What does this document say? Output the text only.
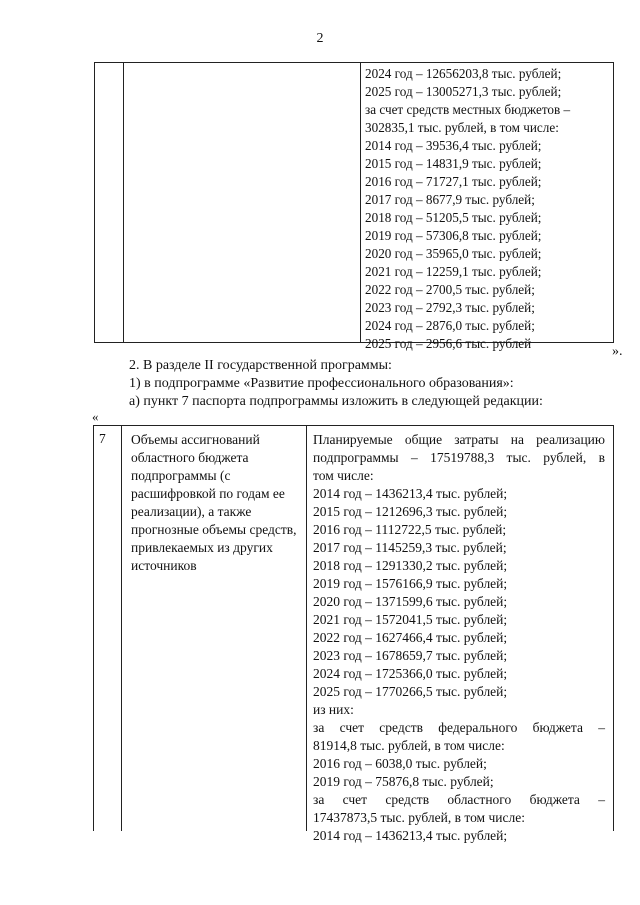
2
2024 год – 12656203,8 тыс. рублей;
2025 год – 13005271,3 тыс. рублей;
за счет средств местных бюджетов –
302835,1 тыс. рублей, в том числе:
2014 год – 39536,4 тыс. рублей;
2015 год – 14831,9 тыс. рублей;
2016 год – 71727,1 тыс. рублей;
2017 год – 8677,9 тыс. рублей;
2018 год – 51205,5 тыс. рублей;
2019 год – 57306,8 тыс. рублей;
2020 год – 35965,0 тыс. рублей;
2021 год – 12259,1 тыс. рублей;
2022 год – 2700,5 тыс. рублей;
2023 год – 2792,3 тыс. рублей;
2024 год – 2876,0 тыс. рублей;
2025 год – 2956,6 тыс. рублей
».
2. В разделе II государственной программы:
1) в подпрограмме «Развитие профессионального образования»:
а) пункт 7 паспорта подпрограммы изложить в следующей редакции:
«
7 Объемы ассигнований областного бюджета подпрограммы (с расшифровкой по годам ее реализации), а также прогнозные объемы средств, привлекаемых из других источников
Планируемые общие затраты на реализацию
подпрограммы – 17519788,3 тыс. рублей, в
том числе:
2014 год – 1436213,4 тыс. рублей;
2015 год – 1212696,3 тыс. рублей;
2016 год – 1112722,5 тыс. рублей;
2017 год – 1145259,3 тыс. рублей;
2018 год – 1291330,2 тыс. рублей;
2019 год – 1576166,9 тыс. рублей;
2020 год – 1371599,6 тыс. рублей;
2021 год – 1572041,5 тыс. рублей;
2022 год – 1627466,4 тыс. рублей;
2023 год – 1678659,7 тыс. рублей;
2024 год – 1725366,0 тыс. рублей;
2025 год – 1770266,5 тыс. рублей;
из них:
за счет средств федерального бюджета –
81914,8 тыс. рублей, в том числе:
2016 год – 6038,0 тыс. рублей;
2019 год – 75876,8 тыс. рублей;
за счет средств областного бюджета –
17437873,5 тыс. рублей, в том числе:
2014 год – 1436213,4 тыс. рублей;
